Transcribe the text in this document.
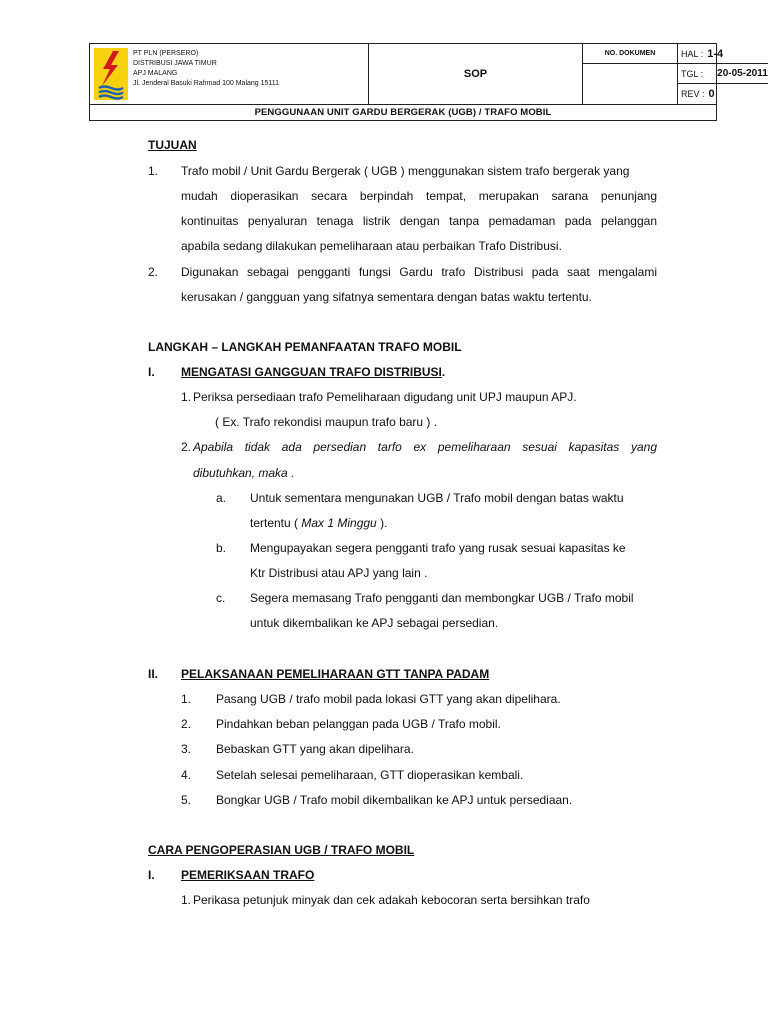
PT PLN (PERSERO)
DISTRIBUSI JAWA TIMUR
APJ MALANG
Jl. Jenderal Basuki Rahmad 100 Malang 15111
SOP
NO. DOKUMEN	HAL : 1-4
TGL : 20-05-2011
REV : 0
PENGGUNAAN UNIT GARDU BERGERAK (UGB) / TRAFO MOBIL
TUJUAN
1. Trafo mobil / Unit Gardu Bergerak ( UGB ) menggunakan sistem trafo bergerak yang
mudah dioperasikan secara berpindah tempat, merupakan sarana penunjang
kontinuitas penyaluran tenaga listrik dengan tanpa pemadaman pada pelanggan
apabila sedang dilakukan pemeliharaan atau perbaikan Trafo Distribusi.
2. Digunakan sebagai pengganti fungsi Gardu trafo Distribusi pada saat mengalami
kerusakan / gangguan yang sifatnya sementara dengan batas waktu tertentu.
LANGKAH – LANGKAH PEMANFAATAN TRAFO MOBIL
I. MENGATASI GANGGUAN TRAFO DISTRIBUSI.
1. Periksa persediaan trafo Pemeliharaan digudang unit UPJ maupun APJ.
( Ex. Trafo rekondisi maupun trafo baru ) .
2. Apabila tidak ada persedian tarfo ex pemeliharaan sesuai kapasitas yang
dibutuhkan, maka .
a. Untuk sementara mengunakan UGB / Trafo mobil dengan batas waktu
tertentu ( Max 1 Minggu ).
b. Mengupayakan segera pengganti trafo yang rusak sesuai kapasitas ke
Ktr Distribusi atau APJ yang lain .
c. Segera memasang Trafo pengganti dan membongkar UGB / Trafo mobil
untuk dikembalikan ke APJ sebagai persedian.
II. PELAKSANAAN PEMELIHARAAN GTT TANPA PADAM
1. Pasang UGB / trafo mobil pada lokasi GTT yang akan dipelihara.
2. Pindahkan beban pelanggan pada UGB / Trafo mobil.
3. Bebaskan GTT yang akan dipelihara.
4. Setelah selesai pemeliharaan, GTT dioperasikan kembali.
5. Bongkar UGB / Trafo mobil dikembalikan ke APJ untuk persediaan.
CARA PENGOPERASIAN UGB / TRAFO MOBIL
I. PEMERIKSAAN TRAFO
1. Perikasa petunjuk minyak dan cek adakah kebocoran serta bersihkan trafo
